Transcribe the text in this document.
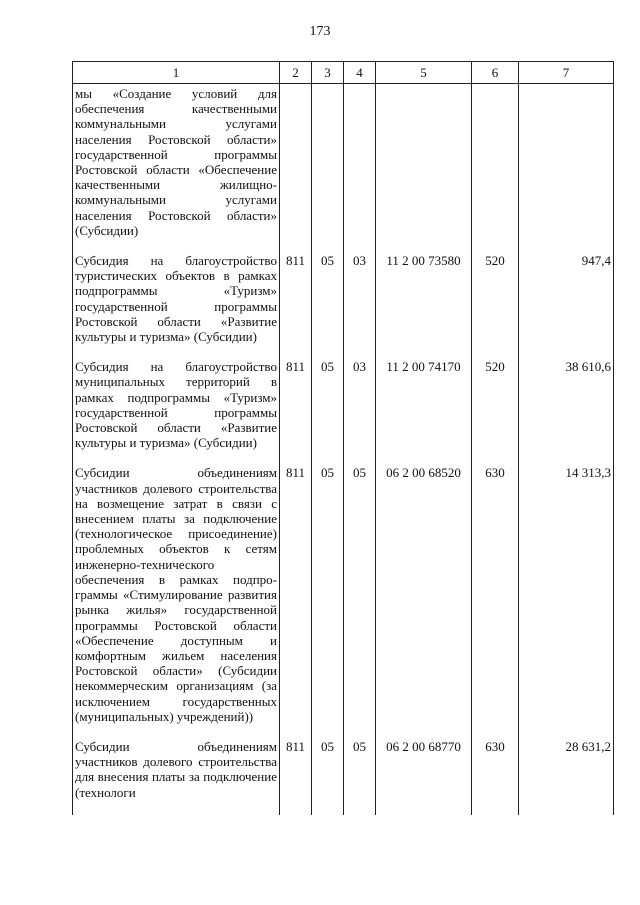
173
1	2	3	4	5	6	7
мы «Создание условий для обеспечения качественными коммунальными услугами населения Ростовской области» государственной программы Ростовской области «Обеспечение качественными жилищно-коммунальными услугами населения Ростовской области» (Субсидии)						
Субсидия на благоустройство туристических объектов в рамках подпрограммы «Туризм» государственной программы Ростовской области «Развитие культуры и туризма» (Субсидии)	811	05	03	11 2 00 73580	520	947,4
Субсидия на благоустройство муниципальных территорий в рамках подпрограммы «Туризм» государственной программы Ростовской области «Развитие культуры и туризма» (Субсидии)	811	05	03	11 2 00 74170	520	38 610,6
Субсидии объединениям участников долевого строительства на возмещение затрат в связи с внесением платы за подключение (технологическое присоединение) проблемных объектов к сетям инженерно-технического обеспечения в рамках подпрограммы «Стимулирование развития рынка жилья» государственной программы Ростовской области «Обеспечение доступным и комфортным жильем населения Ростовской области» (Субсидии некоммерческим организациям (за исключением государственных (муниципальных) учреждений))	811	05	05	06 2 00 68520	630	14 313,3
Субсидии объединениям участников долевого строительства для внесения платы за подключение (технологи	811	05	05	06 2 00 68770	630	28 631,2
